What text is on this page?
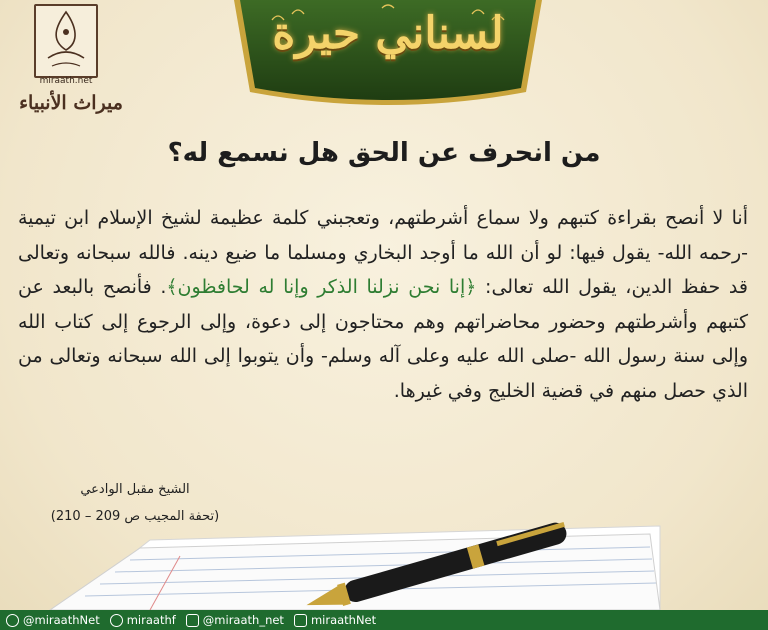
miraath.net
ميراث الأنبياء
لسناني حيرة
من انحرف عن الحق هل نسمع له؟
أنا لا أنصح بقراءة كتبهم ولا سماع أشرطتهم، وتعجبني كلمة عظيمة لشيخ الإسلام ابن تيمية -رحمه الله- يقول فيها: لو أن الله ما أوجد البخاري ومسلما ما ضيع دينه. فالله سبحانه وتعالى قد حفظ الدين، يقول الله تعالى: ﴿إنا نحن نزلنا الذكر وإنا له لحافظون﴾. فأنصح بالبعد عن كتبهم وأشرطتهم وحضور محاضراتهم وهم محتاجون إلى دعوة، وإلى الرجوع إلى كتاب الله وإلى سنة رسول الله -صلى الله عليه وعلى آله وسلم- وأن يتوبوا إلى الله سبحانه وتعالى من الذي حصل منهم في قضية الخليج وفي غيرها.
الشيخ مقبل الوادعي
(تحفة المجيب ص 209 – 210)
@miraathNet miraathf @miraath_net miraathNet
